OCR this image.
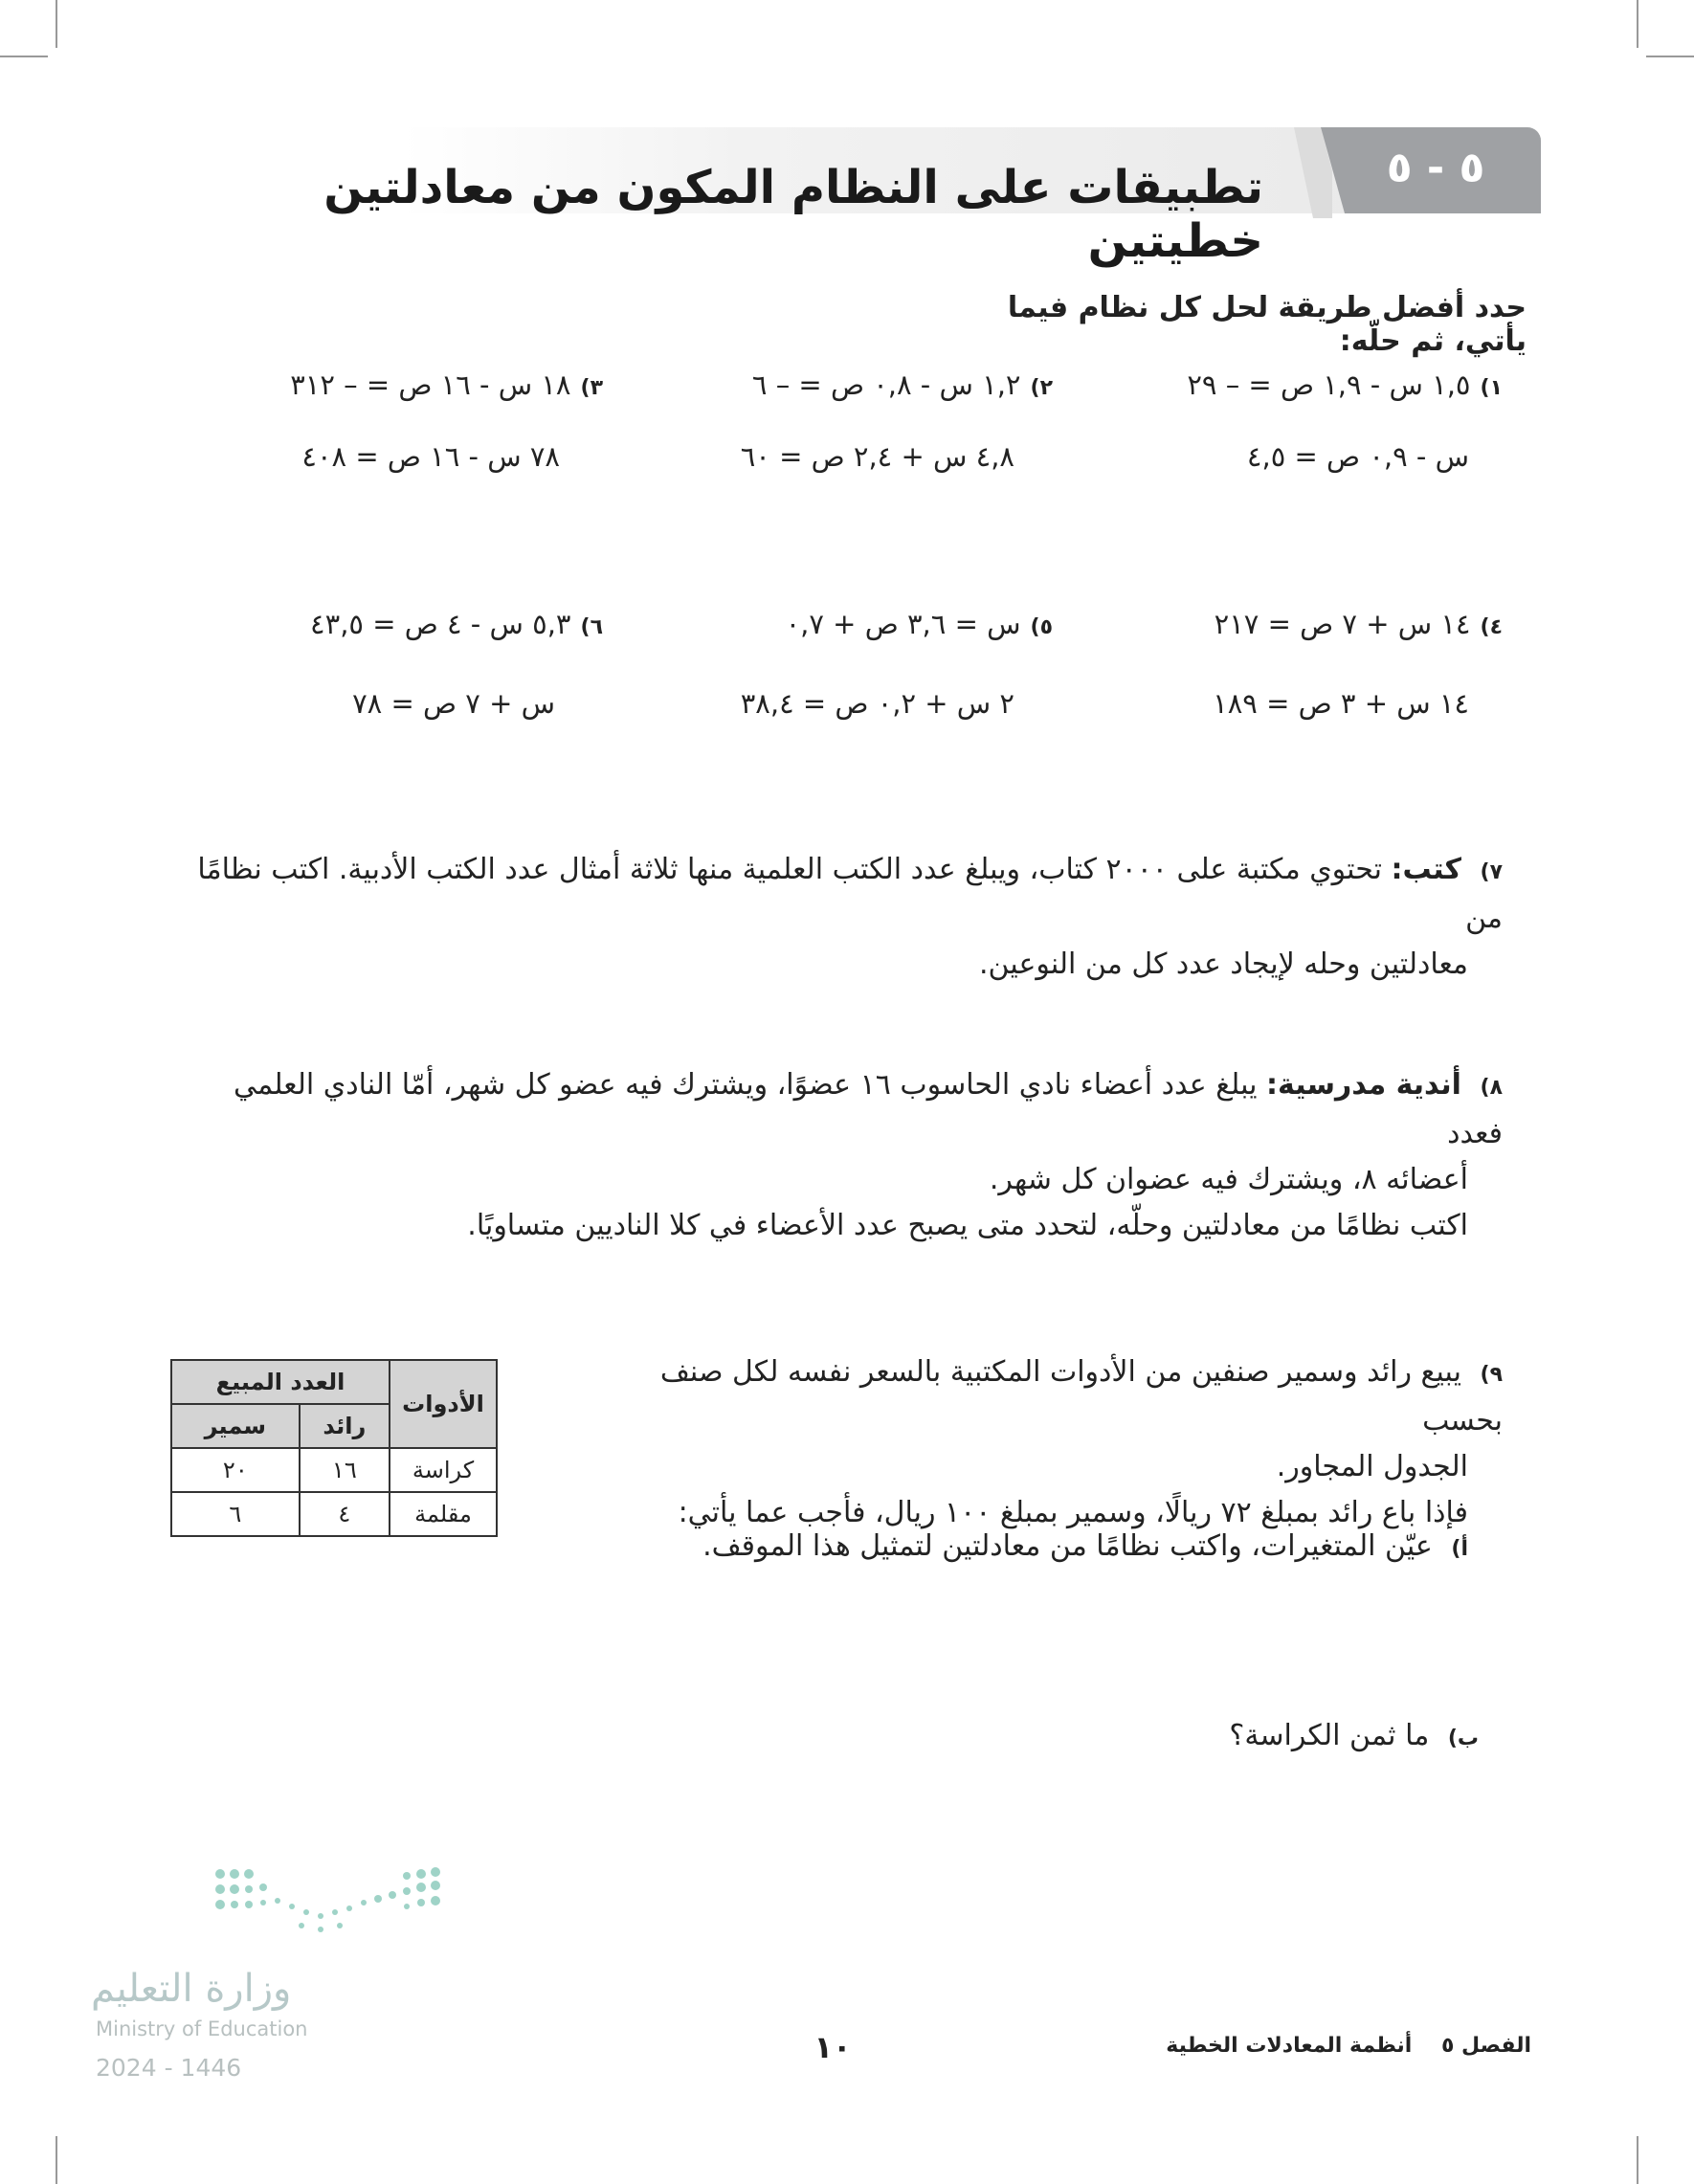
٥ - ٥
تطبيقات على النظام المكون من معادلتين خطيتين
حدد أفضل طريقة لحل كل نظام فيما يأتي، ثم حلّه:
١)١,٥ س - ١,٩ ص = – ٢٩
س - ٠,٩ ص = ٤,٥
٢)١,٢ س - ٠,٨ ص = – ٦
٤,٨ س + ٢,٤ ص = ٦٠
٣)١٨ س - ١٦ ص = – ٣١٢
٧٨ س - ١٦ ص = ٤٠٨
٤)١٤ س + ٧ ص = ٢١٧
١٤ س + ٣ ص = ١٨٩
٥)س = ٣,٦ ص + ٠,٧
٢ س + ٠,٢ ص = ٣٨,٤
٦)٥,٣ س - ٤ ص = ٤٣,٥
س + ٧ ص = ٧٨
٧) كتب: تحتوي مكتبة على ٢٠٠٠ كتاب، ويبلغ عدد الكتب العلمية منها ثلاثة أمثال عدد الكتب الأدبية. اكتب نظامًا من
معادلتين وحله لإيجاد عدد كل من النوعين.
٨) أندية مدرسية: يبلغ عدد أعضاء نادي الحاسوب ١٦ عضوًا، ويشترك فيه عضو كل شهر، أمّا النادي العلمي فعدد
أعضائه ٨، ويشترك فيه عضوان كل شهر.
اكتب نظامًا من معادلتين وحلّه، لتحدد متى يصبح عدد الأعضاء في كلا الناديين متساويًا.
٩) يبيع رائد وسمير صنفين من الأدوات المكتبية بالسعر نفسه لكل صنف بحسب
الجدول المجاور.
فإذا باع رائد بمبلغ ٧٢ ريالًا، وسمير بمبلغ ١٠٠ ريال، فأجب عما يأتي:
أ) عيّن المتغيرات، واكتب نظامًا من معادلتين لتمثيل هذا الموقف.
ب) ما ثمن الكراسة؟
الأدوات	العدد المبيع	
	رائد	سمير
كراسة	١٦	٢٠
مقلمة	٤	٦
وزارة التعليم
Ministry of Education
2024 - 1446
١٠	الفصل ٥    أنظمة المعادلات الخطية
